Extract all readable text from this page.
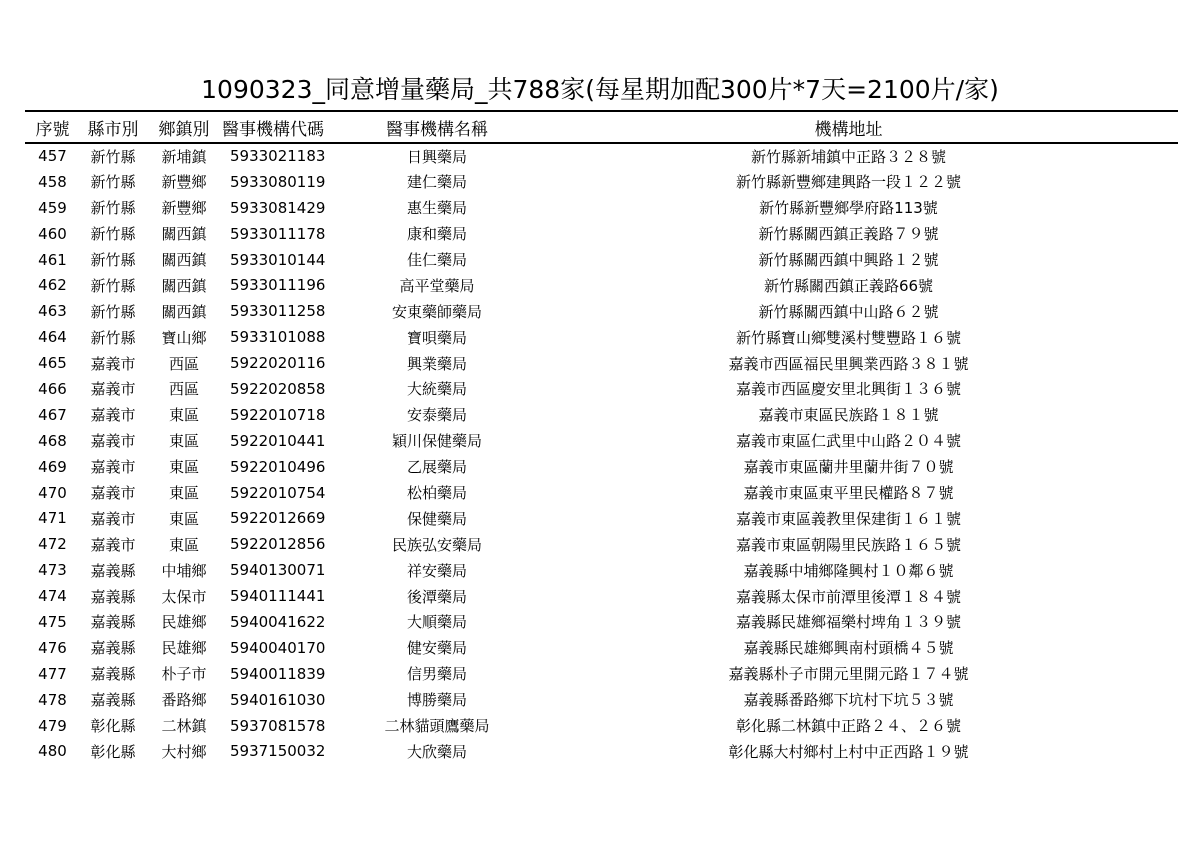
1090323_同意增量藥局_共788家(每星期加配300片*7天=2100片/家)
序號	縣市別	鄉鎮別	醫事機構代碼	醫事機構名稱	機構地址
457	新竹縣	新埔鎮	5933021183	日興藥局	新竹縣新埔鎮中正路３２８號
458	新竹縣	新豐鄉	5933080119	建仁藥局	新竹縣新豐鄉建興路一段１２２號
459	新竹縣	新豐鄉	5933081429	惠生藥局	新竹縣新豐鄉學府路113號
460	新竹縣	關西鎮	5933011178	康和藥局	新竹縣關西鎮正義路７９號
461	新竹縣	關西鎮	5933010144	佳仁藥局	新竹縣關西鎮中興路１２號
462	新竹縣	關西鎮	5933011196	高平堂藥局	新竹縣關西鎮正義路66號
463	新竹縣	關西鎮	5933011258	安東藥師藥局	新竹縣關西鎮中山路６２號
464	新竹縣	寶山鄉	5933101088	寶唄藥局	新竹縣寶山鄉雙溪村雙豐路１６號
465	嘉義市	西區	5922020116	興業藥局	嘉義市西區福民里興業西路３８１號
466	嘉義市	西區	5922020858	大統藥局	嘉義市西區慶安里北興街１３６號
467	嘉義市	東區	5922010718	安泰藥局	嘉義市東區民族路１８１號
468	嘉義市	東區	5922010441	穎川保健藥局	嘉義市東區仁武里中山路２０４號
469	嘉義市	東區	5922010496	乙展藥局	嘉義市東區蘭井里蘭井街７０號
470	嘉義市	東區	5922010754	松柏藥局	嘉義市東區東平里民權路８７號
471	嘉義市	東區	5922012669	保健藥局	嘉義市東區義教里保建街１６１號
472	嘉義市	東區	5922012856	民族弘安藥局	嘉義市東區朝陽里民族路１６５號
473	嘉義縣	中埔鄉	5940130071	祥安藥局	嘉義縣中埔鄉隆興村１０鄰６號
474	嘉義縣	太保市	5940111441	後潭藥局	嘉義縣太保市前潭里後潭１８４號
475	嘉義縣	民雄鄉	5940041622	大順藥局	嘉義縣民雄鄉福樂村埤角１３９號
476	嘉義縣	民雄鄉	5940040170	健安藥局	嘉義縣民雄鄉興南村頭橋４５號
477	嘉義縣	朴子市	5940011839	信男藥局	嘉義縣朴子市開元里開元路１７４號
478	嘉義縣	番路鄉	5940161030	博勝藥局	嘉義縣番路鄉下坑村下坑５３號
479	彰化縣	二林鎮	5937081578	二林貓頭鷹藥局	彰化縣二林鎮中正路２４、２６號
480	彰化縣	大村鄉	5937150032	大欣藥局	彰化縣大村鄉村上村中正西路１９號
